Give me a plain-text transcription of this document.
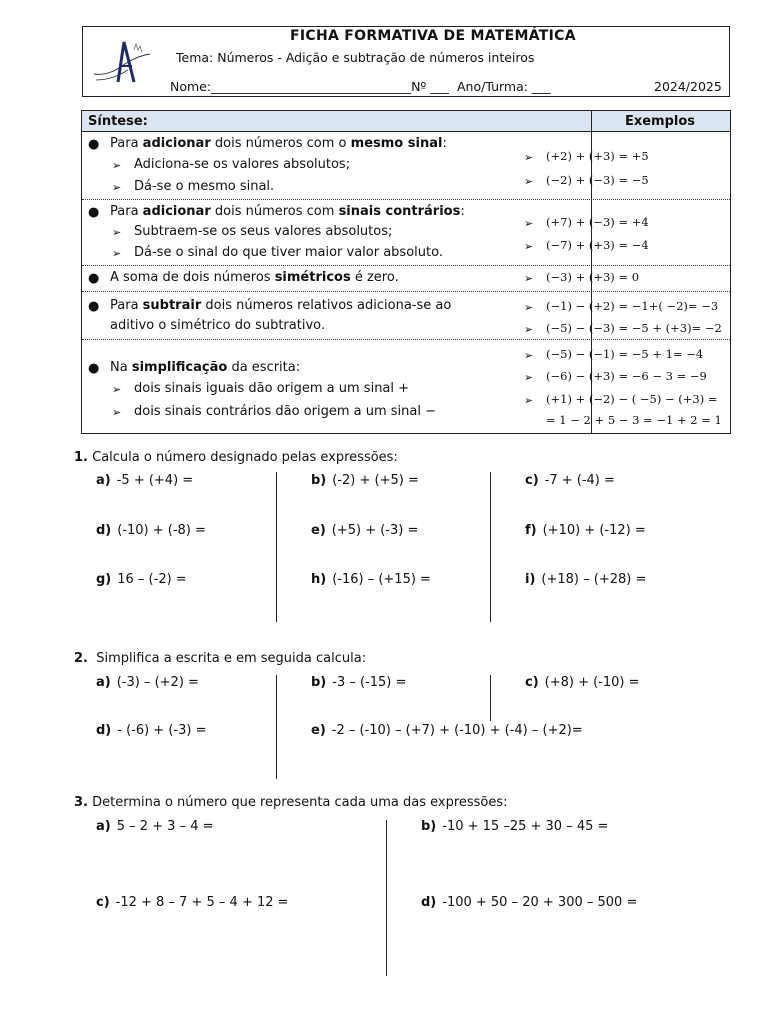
FICHA FORMATIVA DE MATEMÁTICA
Tema: Números - Adição e subtração de números inteiros
Nome:________________________________Nº ___ Ano/Turma: ___	2024/2025
Síntese:	Exemplos
● Para adicionar dois números com o mesmo sinal:
➢ Adiciona-se os valores absolutos;
➢ Dá-se o mesmo sinal.
➢ (+2) + (+3) = +5
➢ (−2) + (−3) = −5
● Para adicionar dois números com sinais contrários:
➢ Subtraem-se os seus valores absolutos;
➢ Dá-se o sinal do que tiver maior valor absoluto.
➢ (+7) + (−3) = +4
➢ (−7) + (+3) = −4
● A soma de dois números simétricos é zero.	➢ (−3) + (+3) = 0
● Para subtrair dois números relativos adiciona-se ao
aditivo o simétrico do subtrativo.
➢ (−1) − (+2) = −1+( −2)= −3
➢ (−5) − (−3) = −5 + (+3)= −2
● Na simplificação da escrita:
➢ dois sinais iguais dão origem a um sinal +
➢ dois sinais contrários dão origem a um sinal −
➢ (−5) − (−1) = −5 + 1= −4
➢ (−6) − (+3) = −6 − 3 = −9
➢ (+1) + (−2) − ( −5) − (+3) =
= 1 − 2 + 5 − 3 = −1 + 2 = 1
1. Calcula o número designado pelas expressões:
a) -5 + (+4) =	b) (-2) + (+5) =	c) -7 + (-4) =
d) (-10) + (-8) =	e) (+5) + (-3) =	f) (+10) + (-12) =
g) 16 – (-2) =	h) (-16) – (+15) =	i) (+18) – (+28) =
2. Simplifica a escrita e em seguida calcula:
a) (-3) – (+2) =	b) -3 – (-15) =	c) (+8) + (-10) =
d) - (-6) + (-3) =	e) -2 – (-10) – (+7) + (-10) + (-4) – (+2)=
3. Determina o número que representa cada uma das expressões:
a) 5 – 2 + 3 – 4 =	b) -10 + 15 –25 + 30 – 45 =
c) -12 + 8 – 7 + 5 – 4 + 12 =	d) -100 + 50 – 20 + 300 – 500 =
